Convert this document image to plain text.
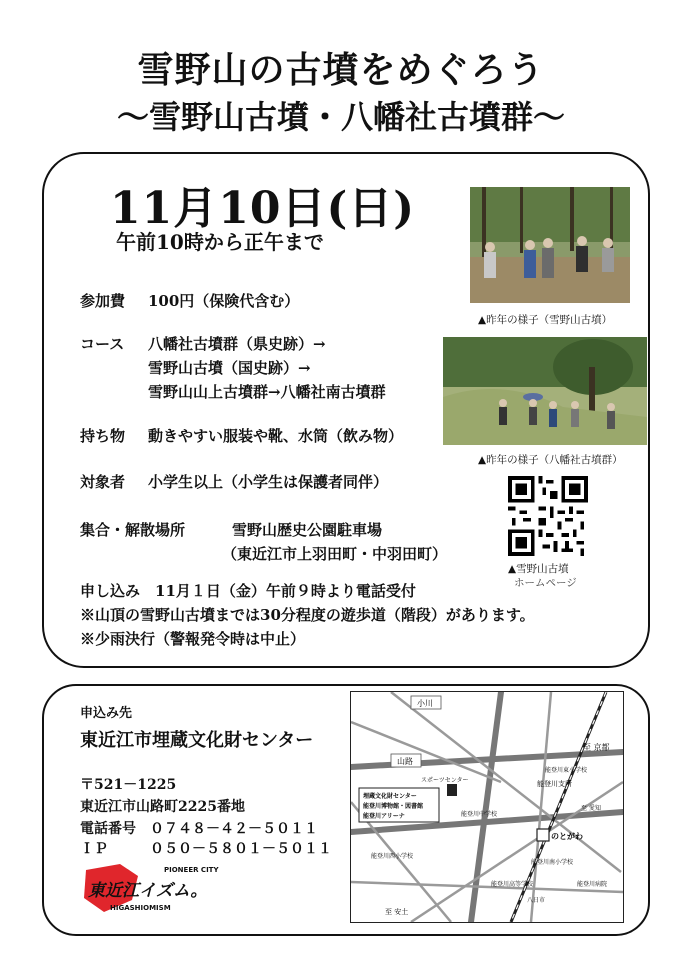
雪野山の古墳をめぐろう
～雪野山古墳・八幡社古墳群～
11月10日(日)
午前10時から正午まで
参加費 100円（保険代含む）
コース 八幡社古墳群（県史跡）→
雪野山古墳（国史跡）→
雪野山山上古墳群→八幡社南古墳群
持ち物 動きやすい服装や靴、水筒（飲み物）
対象者 小学生以上（小学生は保護者同伴）
集合・解散場所	雪野山歴史公園駐車場
（東近江市上羽田町・中羽田町）
申し込み　11月１日（金）午前９時より電話受付
※山頂の雪野山古墳までは30分程度の遊歩道（階段）があります。
※少雨決行（警報発令時は中止）
▲昨年の様子（雪野山古墳）
▲昨年の様子（八幡社古墳群）
▲雪野山古墳
ホームページ
申込み先
東近江市埋蔵文化財センター
〒521－1225
東近江市山路町2225番地
電話番号 ０７４８－４２－５０１１
ＩＰ	０５０－５８０１－５０１１
PIONEER CITY
東近江イズム。
HIGASHIOMISM
小川
山路
至 京都
至 安土
スポーツセンター	能登川支所
能登川東小学校
能登川中学校
能登川西小学校
能登川南小学校
能登川高等学校	能登川病院
のとがわ
八日市
至 愛知
埋蔵文化財センター
能登川博物館・図書館
能登川アリーナ
